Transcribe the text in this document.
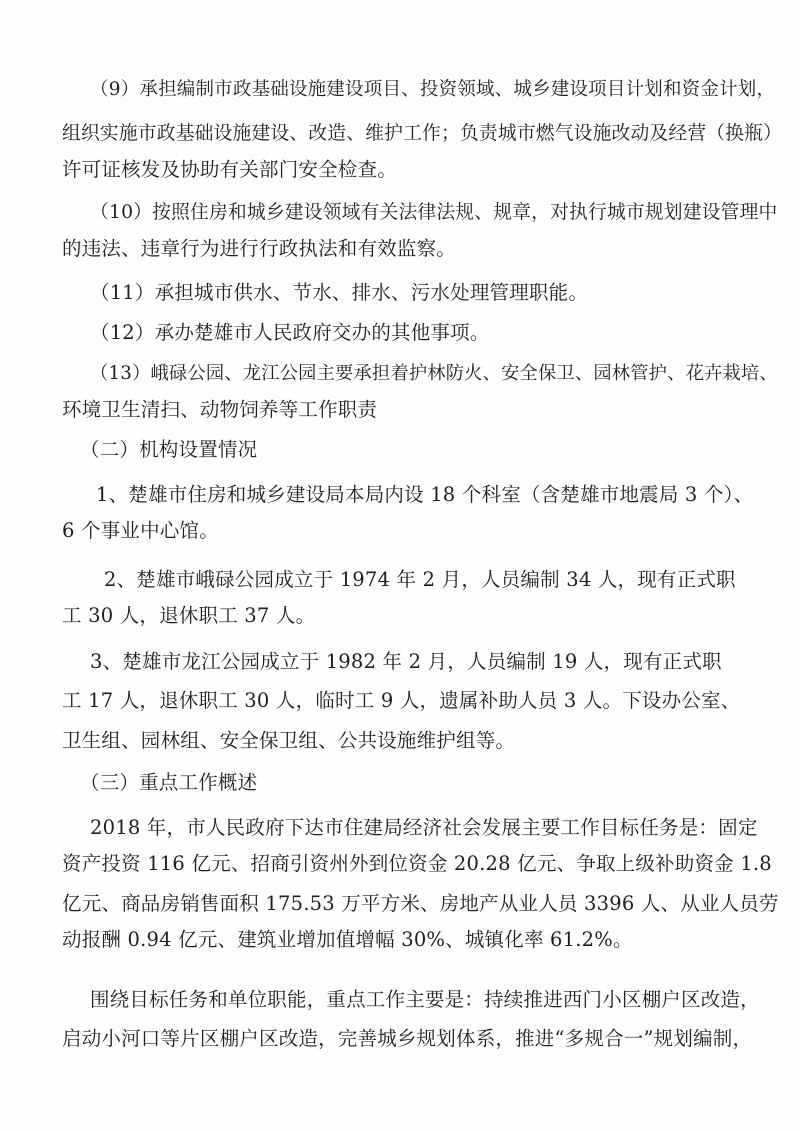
（9）承担编制市政基础设施建设项目、投资领域、城乡建设项目计划和资金计划，
组织实施市政基础设施建设、改造、维护工作；负责城市燃气设施改动及经营（换瓶）
许可证核发及协助有关部门安全检查。
（10）按照住房和城乡建设领域有关法律法规、规章，对执行城市规划建设管理中
的违法、违章行为进行行政执法和有效监察。
（11）承担城市供水、节水、排水、污水处理管理职能。
（12）承办楚雄市人民政府交办的其他事项。
（13）峨碌公园、龙江公园主要承担着护林防火、安全保卫、园林管护、花卉栽培、
环境卫生清扫、动物饲养等工作职责
（二）机构设置情况
1、楚雄市住房和城乡建设局本局内设 18 个科室（含楚雄市地震局 3 个）、
6 个事业中心馆。
2、楚雄市峨碌公园成立于 1974 年 2 月，人员编制 34 人，现有正式职
工 30 人，退休职工 37 人。
3、楚雄市龙江公园成立于 1982 年 2 月，人员编制 19 人，现有正式职
工 17 人，退休职工 30 人，临时工 9 人，遗属补助人员 3 人。下设办公室、
卫生组、园林组、安全保卫组、公共设施维护组等。
（三）重点工作概述
2018 年，市人民政府下达市住建局经济社会发展主要工作目标任务是：固定
资产投资 116 亿元、招商引资州外到位资金 20.28 亿元、争取上级补助资金 1.8
亿元、商品房销售面积 175.53 万平方米、房地产从业人员 3396 人、从业人员劳
动报酬 0.94 亿元、建筑业增加值增幅 30%、城镇化率 61.2%。
围绕目标任务和单位职能，重点工作主要是：持续推进西门小区棚户区改造，
启动小河口等片区棚户区改造，完善城乡规划体系，推进“多规合一”规划编制，
